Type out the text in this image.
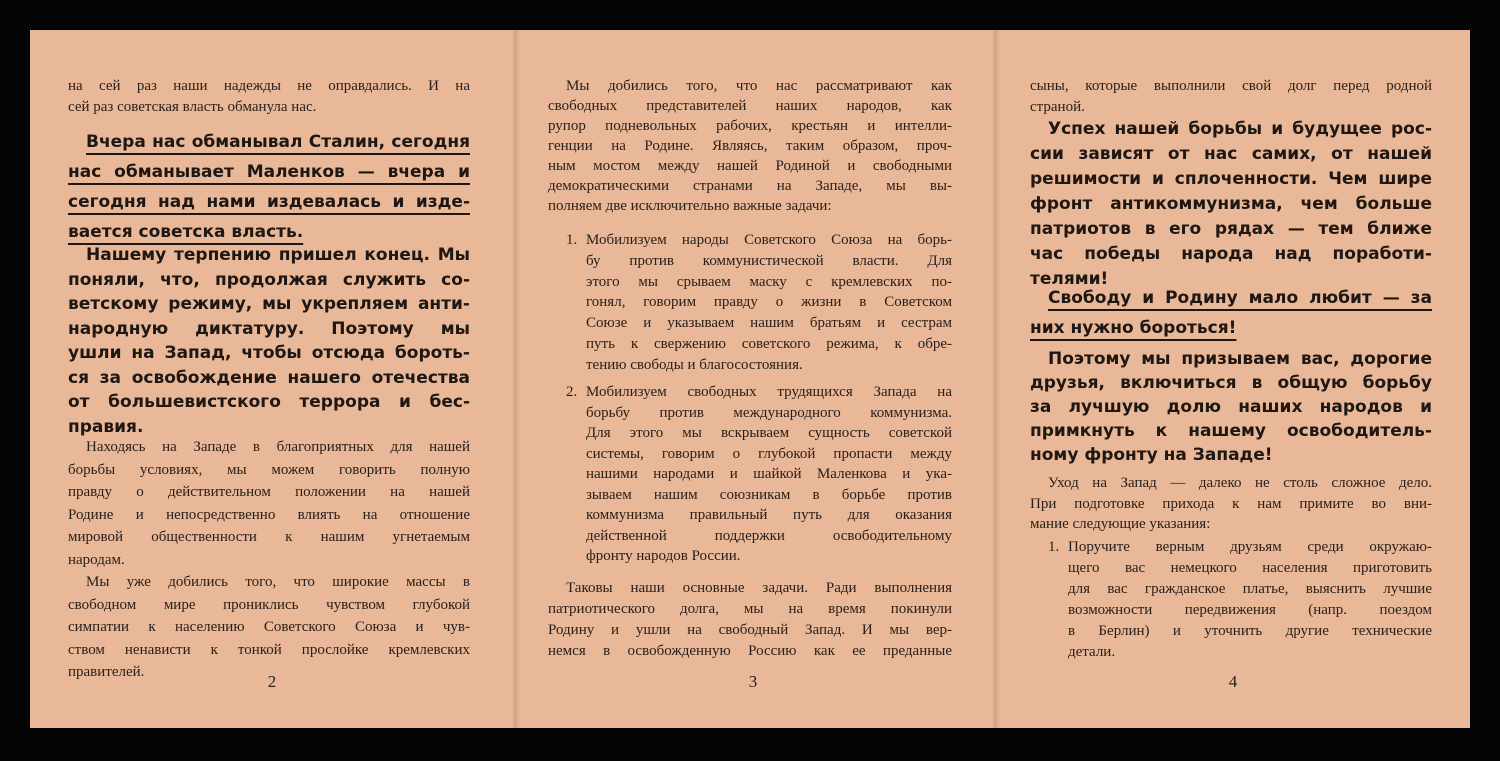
на сей раз наши надежды не оправдались. И на
сей раз советская власть обманула нас.
Вчера нас обманывал Сталин, сегодня
нас обманывает Маленков — вчера и
сегодня над нами издевалась и изде-
вается советска власть.
Нашему терпению пришел конец. Мы
поняли, что, продолжая служить со-
ветскому режиму, мы укрепляем анти-
народную диктатуру. Поэтому мы
ушли на Запад, чтобы отсюда бороть-
ся за освобождение нашего отечества
от большевистского террора и бес-
правия.
Находясь на Западе в благоприятных для нашей
борьбы условиях, мы можем говорить полную
правду о действительном положении на нашей
Родине и непосредственно влиять на отношение
мировой общественности к нашим угнетаемым
народам.
Мы уже добились того, что широкие массы в
свободном мире прониклись чувством глубокой
симпатии к населению Советского Союза и чув-
ством ненависти к тонкой прослойке кремлевских
правителей.	2
Мы добились того, что нас рассматривают как
свободных представителей наших народов, как
рупор подневольных рабочих, крестьян и интелли-
генции на Родине. Являясь, таким образом, проч-
ным мостом между нашей Родиной и свободными
демократическими странами на Западе, мы вы-
полняем две исключительно важные задачи:
1. Мобилизуем народы Советского Союза на борь-
бу против коммунистической власти. Для
этого мы срываем маску с кремлевских по-
гонял, говорим правду о жизни в Советском
Союзе и указываем нашим братьям и сестрам
путь к свержению советского режима, к обре-
тению свободы и благосостояния.
2. Мобилизуем свободных трудящихся Запада на
борьбу против международного коммунизма.
Для этого мы вскрываем сущность советской
системы, говорим о глубокой пропасти между
нашими народами и шайкой Маленкова и ука-
зываем нашим союзникам в борьбе против
коммунизма правильный путь для оказания
действенной поддержки освободительному
фронту народов России.
Таковы наши основные задачи. Ради выполнения
патриотического долга, мы на время покинули
Родину и ушли на свободный Запад. И мы вер-
немся в освобожденную Россию как ее преданные
3
сыны, которые выполнили свой долг перед родной
страной.
Успех нашей борьбы и будущее рос-
сии зависят от нас самих, от нашей
решимости и сплоченности. Чем шире
фронт антикоммунизма, чем больше
патриотов в его рядах — тем ближе
час победы народа над поработи-
телями!
Свободу и Родину мало любит — за
них нужно бороться!
Поэтому мы призываем вас, дорогие
друзья, включиться в общую борьбу
за лучшую долю наших народов и
примкнуть к нашему освободитель-
ному фронту на Западе!
Уход на Запад — далеко не столь сложное дело.
При подготовке прихода к нам примите во вни-
мание следующие указания:
1. Поручите верным друзьям среди окружаю-
щего вас немецкого населения приготовить
для вас гражданское платье, выяснить лучшие
возможности передвижения (напр. поездом
в Берлин) и уточнить другие технические
детали.
4
